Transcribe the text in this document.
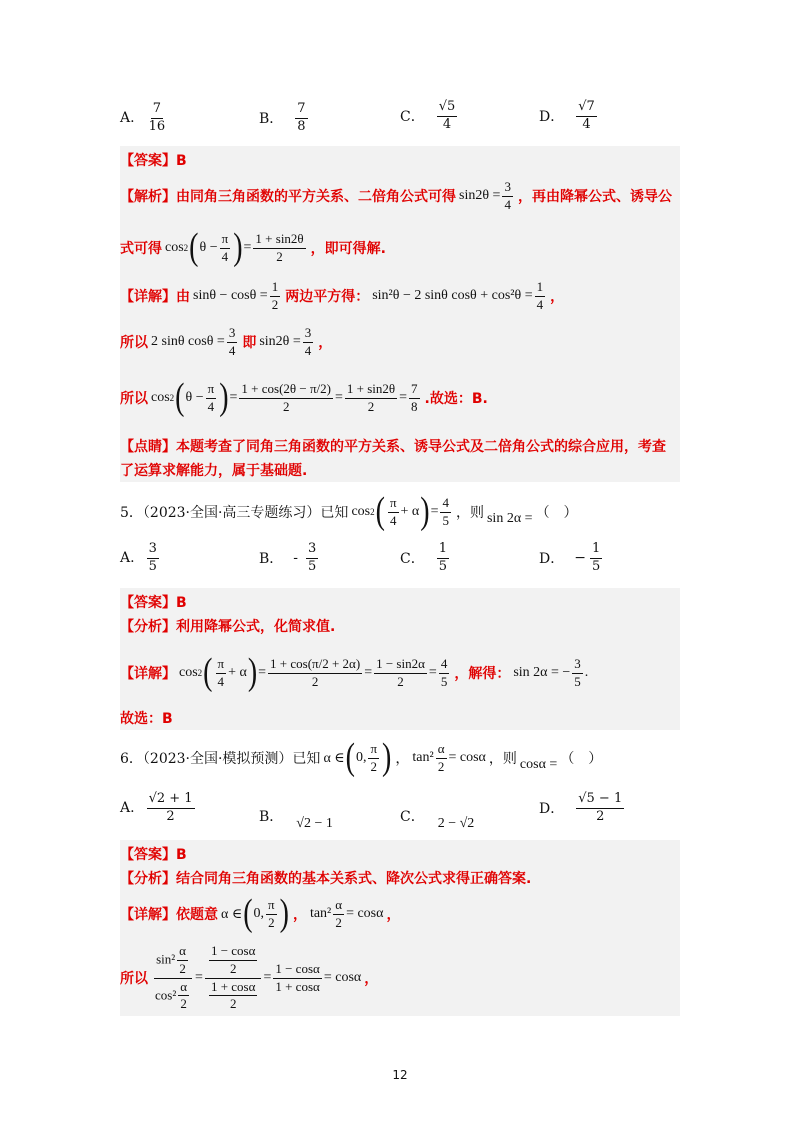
A. $\frac{7}{16}$	B． $\frac{7}{8}$	C． $\frac{√5}{4}$	D． $\frac{√7}{4}$
【答案】B
【解析】 由同角三角函数的平方关系、二倍角公式可得 $\sin 2\theta = \frac{3}{4}$ ，再由降幂公式、诱导公
式可得 cos 2 ( $\theta - \frac{\pi}{4}$ ) = $\frac{1 + \sin 2\theta}{2}$ ，即可得解.
【详解】 由 $\sin\theta - \cos\theta = \frac{1}{2}$ 两边平方得： sin²θ − 2 sinθ $\cos\theta + \cos^2\theta = \frac{1}{4}$ ，
所以 2 sinθ $\cos\theta = \frac{3}{4}$ 即 $\sin 2\theta = \frac{3}{4}$ ，
所以 cos 2 ( $\theta - \frac{\pi}{4}$ ) = $\frac{1 + \cos(2\theta - \pi/2)}{2} = \frac{1 + \sin 2\theta}{2} = \frac{7}{8}$ .故选：B.
【点睛】 本题考查了同角三角函数的平方关系、诱导公式及二倍角公式的综合应用，考查
了运算求解能力，属于基础题.
5．（2023·全国·高三专题练习）已知 cos 2 ( $\frac{\pi}{4} + \alpha$ ) = $\frac{4}{5}$ ，则 sin 2α = （　）
A. $\frac{3}{5}$	B． - $\frac{3}{5}$	C． $\frac{1}{5}$	D． − $\frac{1}{5}$
【答案】B
【分析】 利用降幂公式，化简求值.
【详解】 cos 2 ( $\frac{\pi}{4} + \alpha$ ) = $\frac{1 + \cos(\pi/2 + 2\alpha)}{2} = \frac{1 - \sin 2\alpha}{2} = \frac{4}{5}$ ，解得： sin 2α = − $\frac{3}{5}$ .
故选：B
6．（2023·全国·模拟预测）已知 α ∈ ( 0, $\frac{\pi}{2}$ ) ， $\tan^2 \frac{\alpha}{2} = \cos\alpha$ ，则 cosα = （　）
A. $\frac{√2 + 1}{2}$	B． √2 − 1	C． 2 − √2
D． $\frac{√5 - 1}{2}$
【答案】B
【分析】 结合同角三角函数的基本关系式、降次公式求得正确答案.
【详解】 依题意 α ∈ ( 0, $\frac{\pi}{2}$ ) ， $\tan^2 \frac{\alpha}{2} = \cos\alpha$ ，
所以 $\frac{\sin^2 \frac{\alpha}{2}}{\cos^2 \frac{\alpha}{2}} = \frac{\frac{1 - \cos\alpha}{2}}{\frac{1 + \cos\alpha}{2}} = \frac{1 - \cos\alpha}{1 + \cos\alpha} = \cos\alpha$ ，
12
